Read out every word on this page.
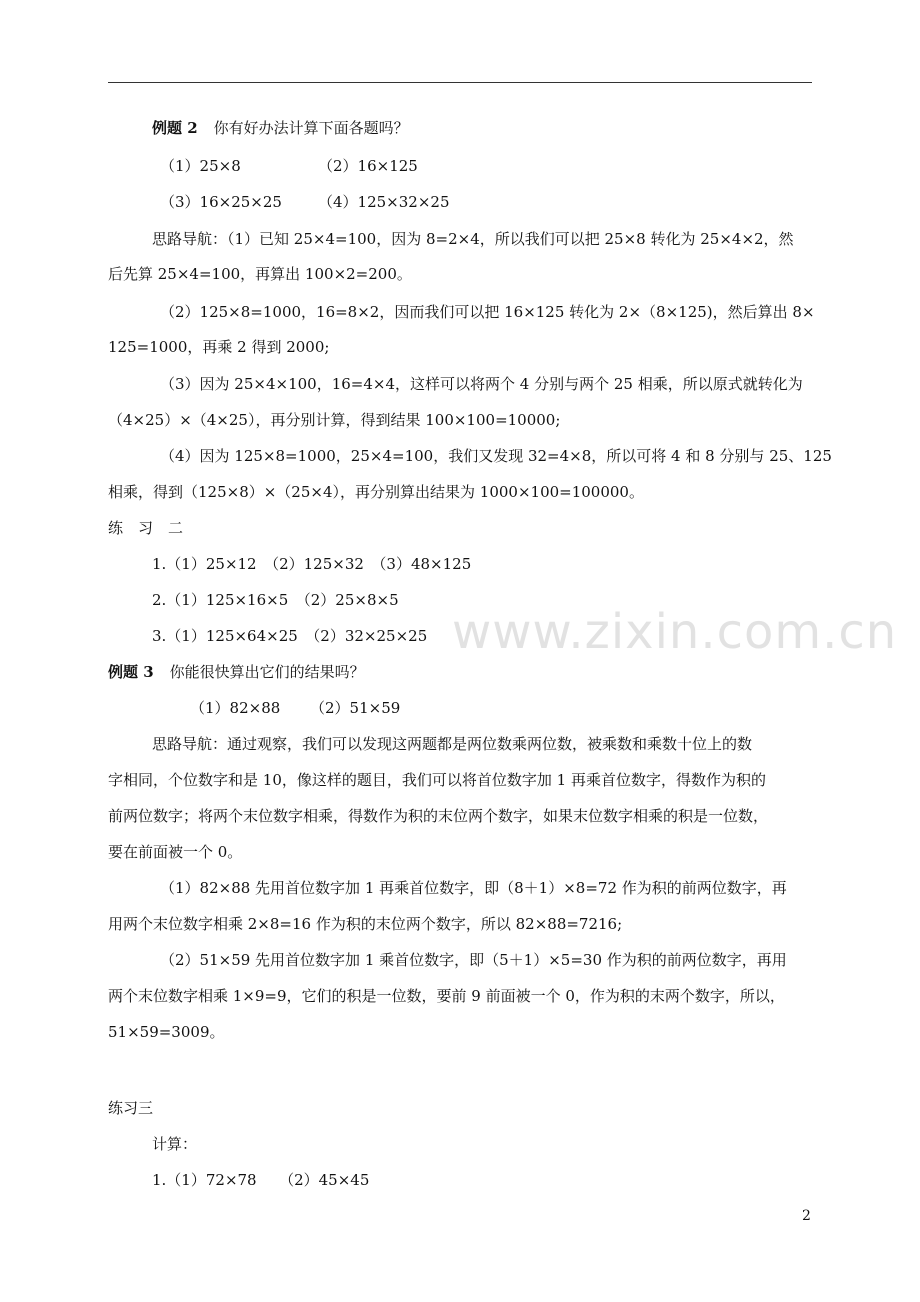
例题 2 你有好办法计算下面各题吗？
（1）25×8	（2）16×125
（3）16×25×25 （4）125×32×25
思路导航：（1）已知 25×4=100，因为 8=2×4，所以我们可以把 25×8 转化为 25×4×2，然
后先算 25×4=100，再算出 100×2=200。
（2）125×8=1000，16=8×2，因而我们可以把 16×125 转化为 2×（8×125)，然后算出 8×
125=1000，再乘 2 得到 2000;
（3）因为 25×4×100，16=4×4，这样可以将两个 4 分别与两个 25 相乘，所以原式就转化为
（4×25）×（4×25），再分别计算，得到结果 100×100=10000;
（4）因为 125×8=1000，25×4=100，我们又发现 32=4×8，所以可将 4 和 8 分别与 25、125
相乘，得到（125×8）×（25×4），再分别算出结果为 1000×100=100000。
练　习　二
1.（1）25×12　（2）125×32　（3）48×125
2.（1）125×16×5　（2）25×8×5
3.（1）125×64×25　（2）32×25×25
例题 3 你能很快算出它们的结果吗？
（1）82×88 （2）51×59
思路导航：通过观察，我们可以发现这两题都是两位数乘两位数，被乘数和乘数十位上的数
字相同，个位数字和是 10，像这样的题目，我们可以将首位数字加 1 再乘首位数字，得数作为积的
前两位数字；将两个末位数字相乘，得数作为积的末位两个数字，如果末位数字相乘的积是一位数，
要在前面被一个 0。
（1）82×88 先用首位数字加 1 再乘首位数字，即（8＋1）×8=72 作为积的前两位数字，再
用两个末位数字相乘 2×8=16 作为积的末位两个数字，所以 82×88=7216;
（2）51×59 先用首位数字加 1 乘首位数字，即（5＋1）×5=30 作为积的前两位数字，再用
两个末位数字相乘 1×9=9，它们的积是一位数，要前 9 前面被一个 0，作为积的末两个数字，所以，
51×59=3009。
练习三
计算：
1.（1）72×78　　（2）45×45
www.zixin.com.cn
2
